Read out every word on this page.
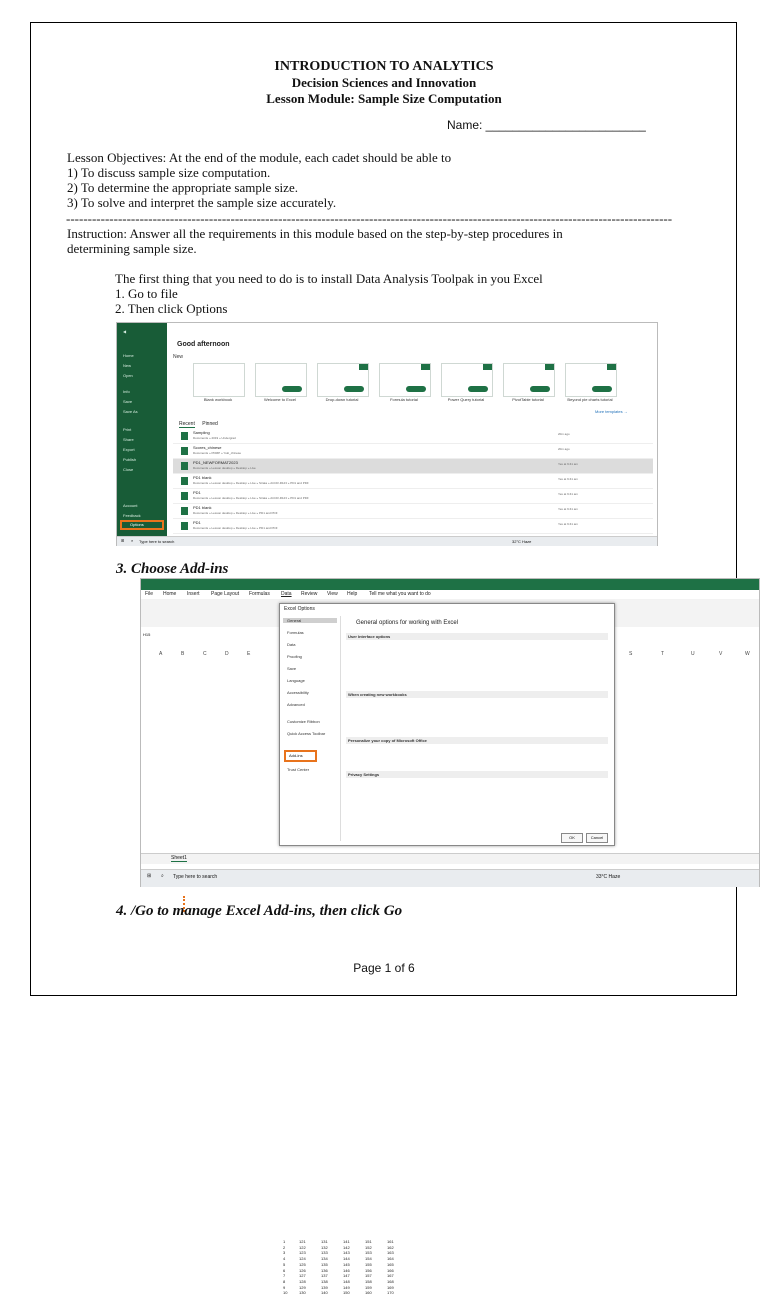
INTRODUCTION TO ANALYTICS
Decision Sciences and Innovation
Lesson Module: Sample Size Computation
Name: ________________________
Lesson Objectives: At the end of the module, each cadet should be able to
1) To discuss sample size computation.
2) To determine the appropriate sample size.
3) To solve and interpret the sample size accurately.
--------------------------------------------------------------------------------------------------------------------------------------------
Instruction: Answer all the requirements in this module based on the step-by-step procedures in
determining sample size.
The first thing that you need to do is to install Data Analysis Toolpak in you Excel
1. Go to file
2. Then click Options
◀
Home
New
Open
Info
Save
Save As
Print
Share
Export
Publish
Close
Account
Feedback
Options
Good afternoon
New
Blank workbook	Welcome to Excel	Drop-down tutorial	Formula tutorial	Power Query tutorial	PivotTable tutorial	Beyond pie charts tutorial
More templates →
Recent Pinned
Sampling
Documents » 2019 » Undergrad
20m ago
Scores_chinese
Documents » PDMP » Yuki_chinese
20m ago
PD1_NEWFORMAT2023
Documents » Lesson desktop » Desktop » Live
Yes at 9:41 am
PD1 blank
Documents » Lesson desktop » Desktop » Live » Strata » ACCR-R123 » PD1 and PDF
Yes at 9:41 am
PD1
Documents » Lesson desktop » Desktop » Live » Strata » ACCR-R123 » PD1 and PDF
Yes at 9:41 am
PD1 blank
Documents » Lesson desktop » Desktop » Live » PD1 and PDF
Yes at 9:41 am
PD1
Documents » Lesson desktop » Desktop » Live » PD1 and PDF
Yes at 9:41 am
⊞ ⌕ Type here to search	32°C Haze
3. Choose Add-ins
File Home Insert Page Layout Formulas Data Review View Help Tell me what you want to do
H15
A	B	C	D	E	S	T	U	V	W
1	121	131	141	151	161
2	122	132	142	152	162
3	123	133	143	153	163
4	124	134	144	154	164
5	125	135	145	155	165
6	126	136	146	156	166
7	127	137	147	157	167
8	128	138	148	158	168
9	129	139	149	159	169
10	130	140	150	160	170
Sheet1
⊞ ⌕ Type here to search	33°C Haze
Excel Options
General
Formulas
Data
Proofing
Save
Language
Accessibility
Advanced
Customize Ribbon
Quick Access Toolbar
Add-ins
Trust Center
General options for working with Excel
User Interface options
When creating new workbooks
Personalize your copy of Microsoft Office
Privacy Settings
OK	Cancel
4. /Go to manage Excel Add-ins, then click Go
Page 1 of 6
